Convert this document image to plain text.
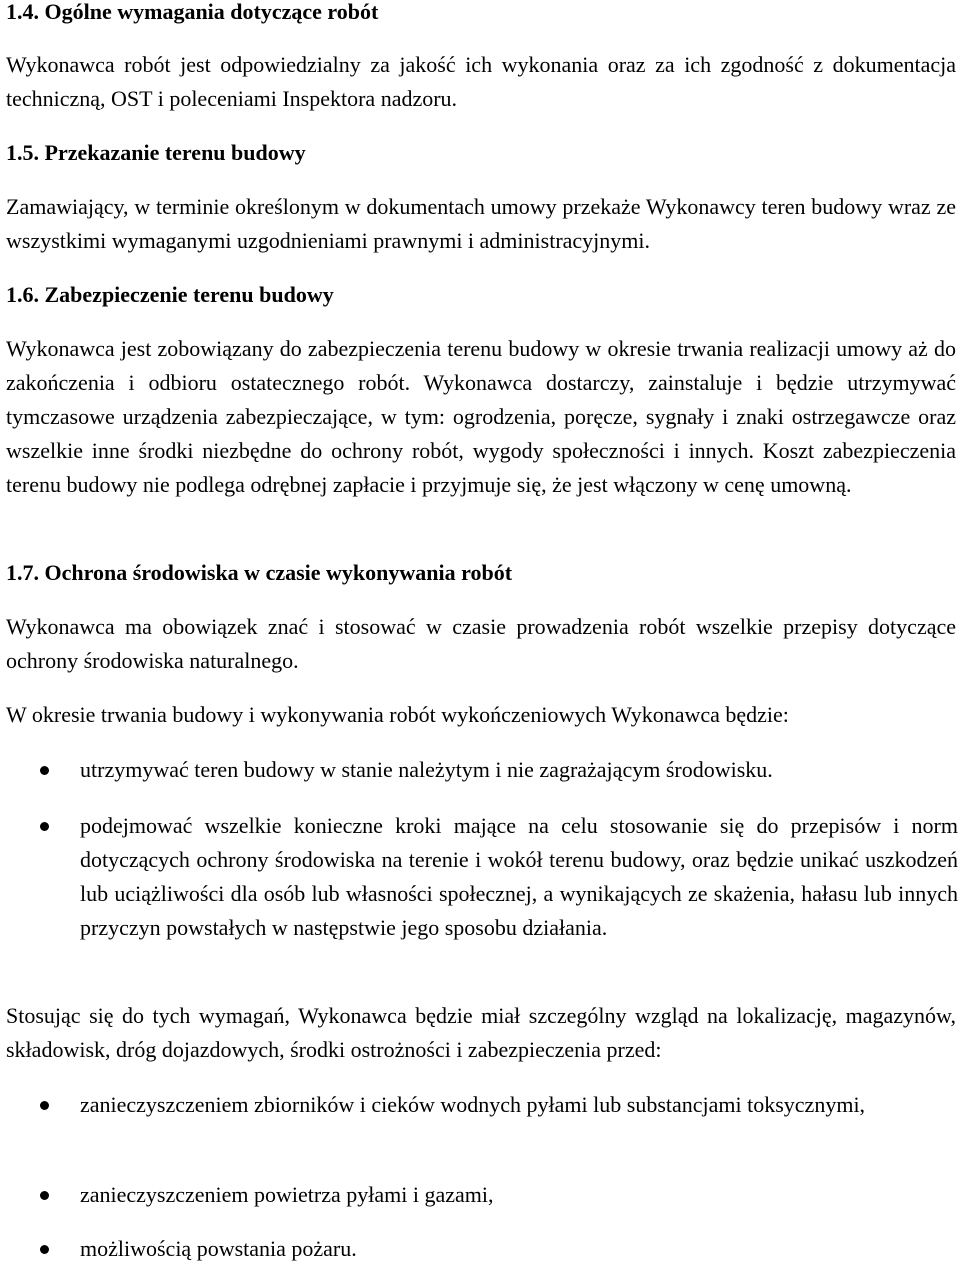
1.4. Ogólne wymagania dotyczące robót

Wykonawca robót jest odpowiedzialny za jakość ich wykonania oraz za ich zgodność z dokumentacja techniczną, OST i poleceniami Inspektora nadzoru.

1.5. Przekazanie terenu budowy

Zamawiający, w terminie określonym w dokumentach umowy przekaże Wykonawcy teren budowy wraz ze wszystkimi wymaganymi uzgodnieniami prawnymi i administracyjnymi.

1.6. Zabezpieczenie terenu budowy

Wykonawca jest zobowiązany do zabezpieczenia terenu budowy w okresie trwania realizacji umowy aż do zakończenia i odbioru ostatecznego robót. Wykonawca dostarczy, zainstaluje i będzie utrzymywać tymczasowe urządzenia zabezpieczające, w tym: ogrodzenia, poręcze, sygnały i znaki ostrzegawcze oraz wszelkie inne środki niezbędne do ochrony robót, wygody społeczności i innych. Koszt zabezpieczenia terenu budowy nie podlega odrębnej zapłacie i przyjmuje się, że jest włączony w cenę umowną.

1.7. Ochrona środowiska w czasie wykonywania robót

Wykonawca ma obowiązek znać i stosować w czasie prowadzenia robót wszelkie przepisy dotyczące ochrony środowiska naturalnego.

W okresie trwania budowy i wykonywania robót wykończeniowych Wykonawca będzie:

utrzymywać teren budowy w stanie należytym i nie zagrażającym środowisku.
podejmować wszelkie konieczne kroki mające na celu stosowanie się do przepisów i norm dotyczących ochrony środowiska na terenie i wokół terenu budowy, oraz będzie unikać uszkodzeń lub uciążliwości dla osób lub własności społecznej, a wynikających ze skażenia, hałasu lub innych przyczyn powstałych w następstwie jego sposobu działania.

Stosując się do tych wymagań, Wykonawca będzie miał szczególny wzgląd na lokalizację, magazynów, składowisk, dróg dojazdowych, środki ostrożności i zabezpieczenia przed:

zanieczyszczeniem zbiorników i cieków wodnych pyłami lub substancjami toksycznymi,
zanieczyszczeniem powietrza pyłami i gazami,
możliwością powstania pożaru.
